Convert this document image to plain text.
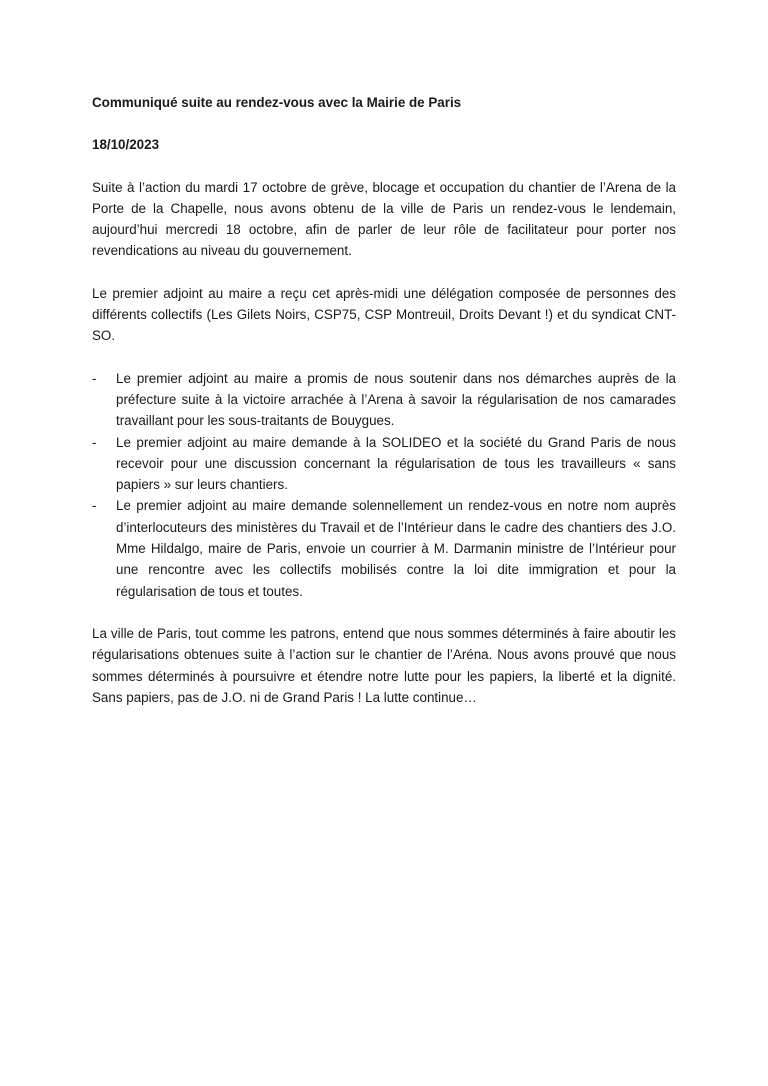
Communiqué suite au rendez-vous avec la Mairie de Paris

18/10/2023

Suite à l’action du mardi 17 octobre de grève, blocage et occupation du chantier de l’Arena de la Porte de la Chapelle, nous avons obtenu de la ville de Paris un rendez-vous le lendemain, aujourd’hui mercredi 18 octobre, afin de parler de leur rôle de facilitateur pour porter nos revendications au niveau du gouvernement.

Le premier adjoint au maire a reçu cet après-midi une délégation composée de personnes des différents collectifs (Les Gilets Noirs, CSP75, CSP Montreuil, Droits Devant !) et du syndicat CNT-SO.

- Le premier adjoint au maire a promis de nous soutenir dans nos démarches auprès de la préfecture suite à la victoire arrachée à l’Arena à savoir la régularisation de nos camarades travaillant pour les sous-traitants de Bouygues.
- Le premier adjoint au maire demande à la SOLIDEO et la société du Grand Paris de nous recevoir pour une discussion concernant la régularisation de tous les travailleurs « sans papiers » sur leurs chantiers.
- Le premier adjoint au maire demande solennellement un rendez-vous en notre nom auprès d’interlocuteurs des ministères du Travail et de l’Intérieur dans le cadre des chantiers des J.O. Mme Hildalgo, maire de Paris, envoie un courrier à M. Darmanin ministre de l’Intérieur pour une rencontre avec les collectifs mobilisés contre la loi dite immigration et pour la régularisation de tous et toutes.

La ville de Paris, tout comme les patrons, entend que nous sommes déterminés à faire aboutir les régularisations obtenues suite à l’action sur le chantier de l’Aréna. Nous avons prouvé que nous sommes déterminés à poursuivre et étendre notre lutte pour les papiers, la liberté et la dignité. Sans papiers, pas de J.O. ni de Grand Paris ! La lutte continue…
